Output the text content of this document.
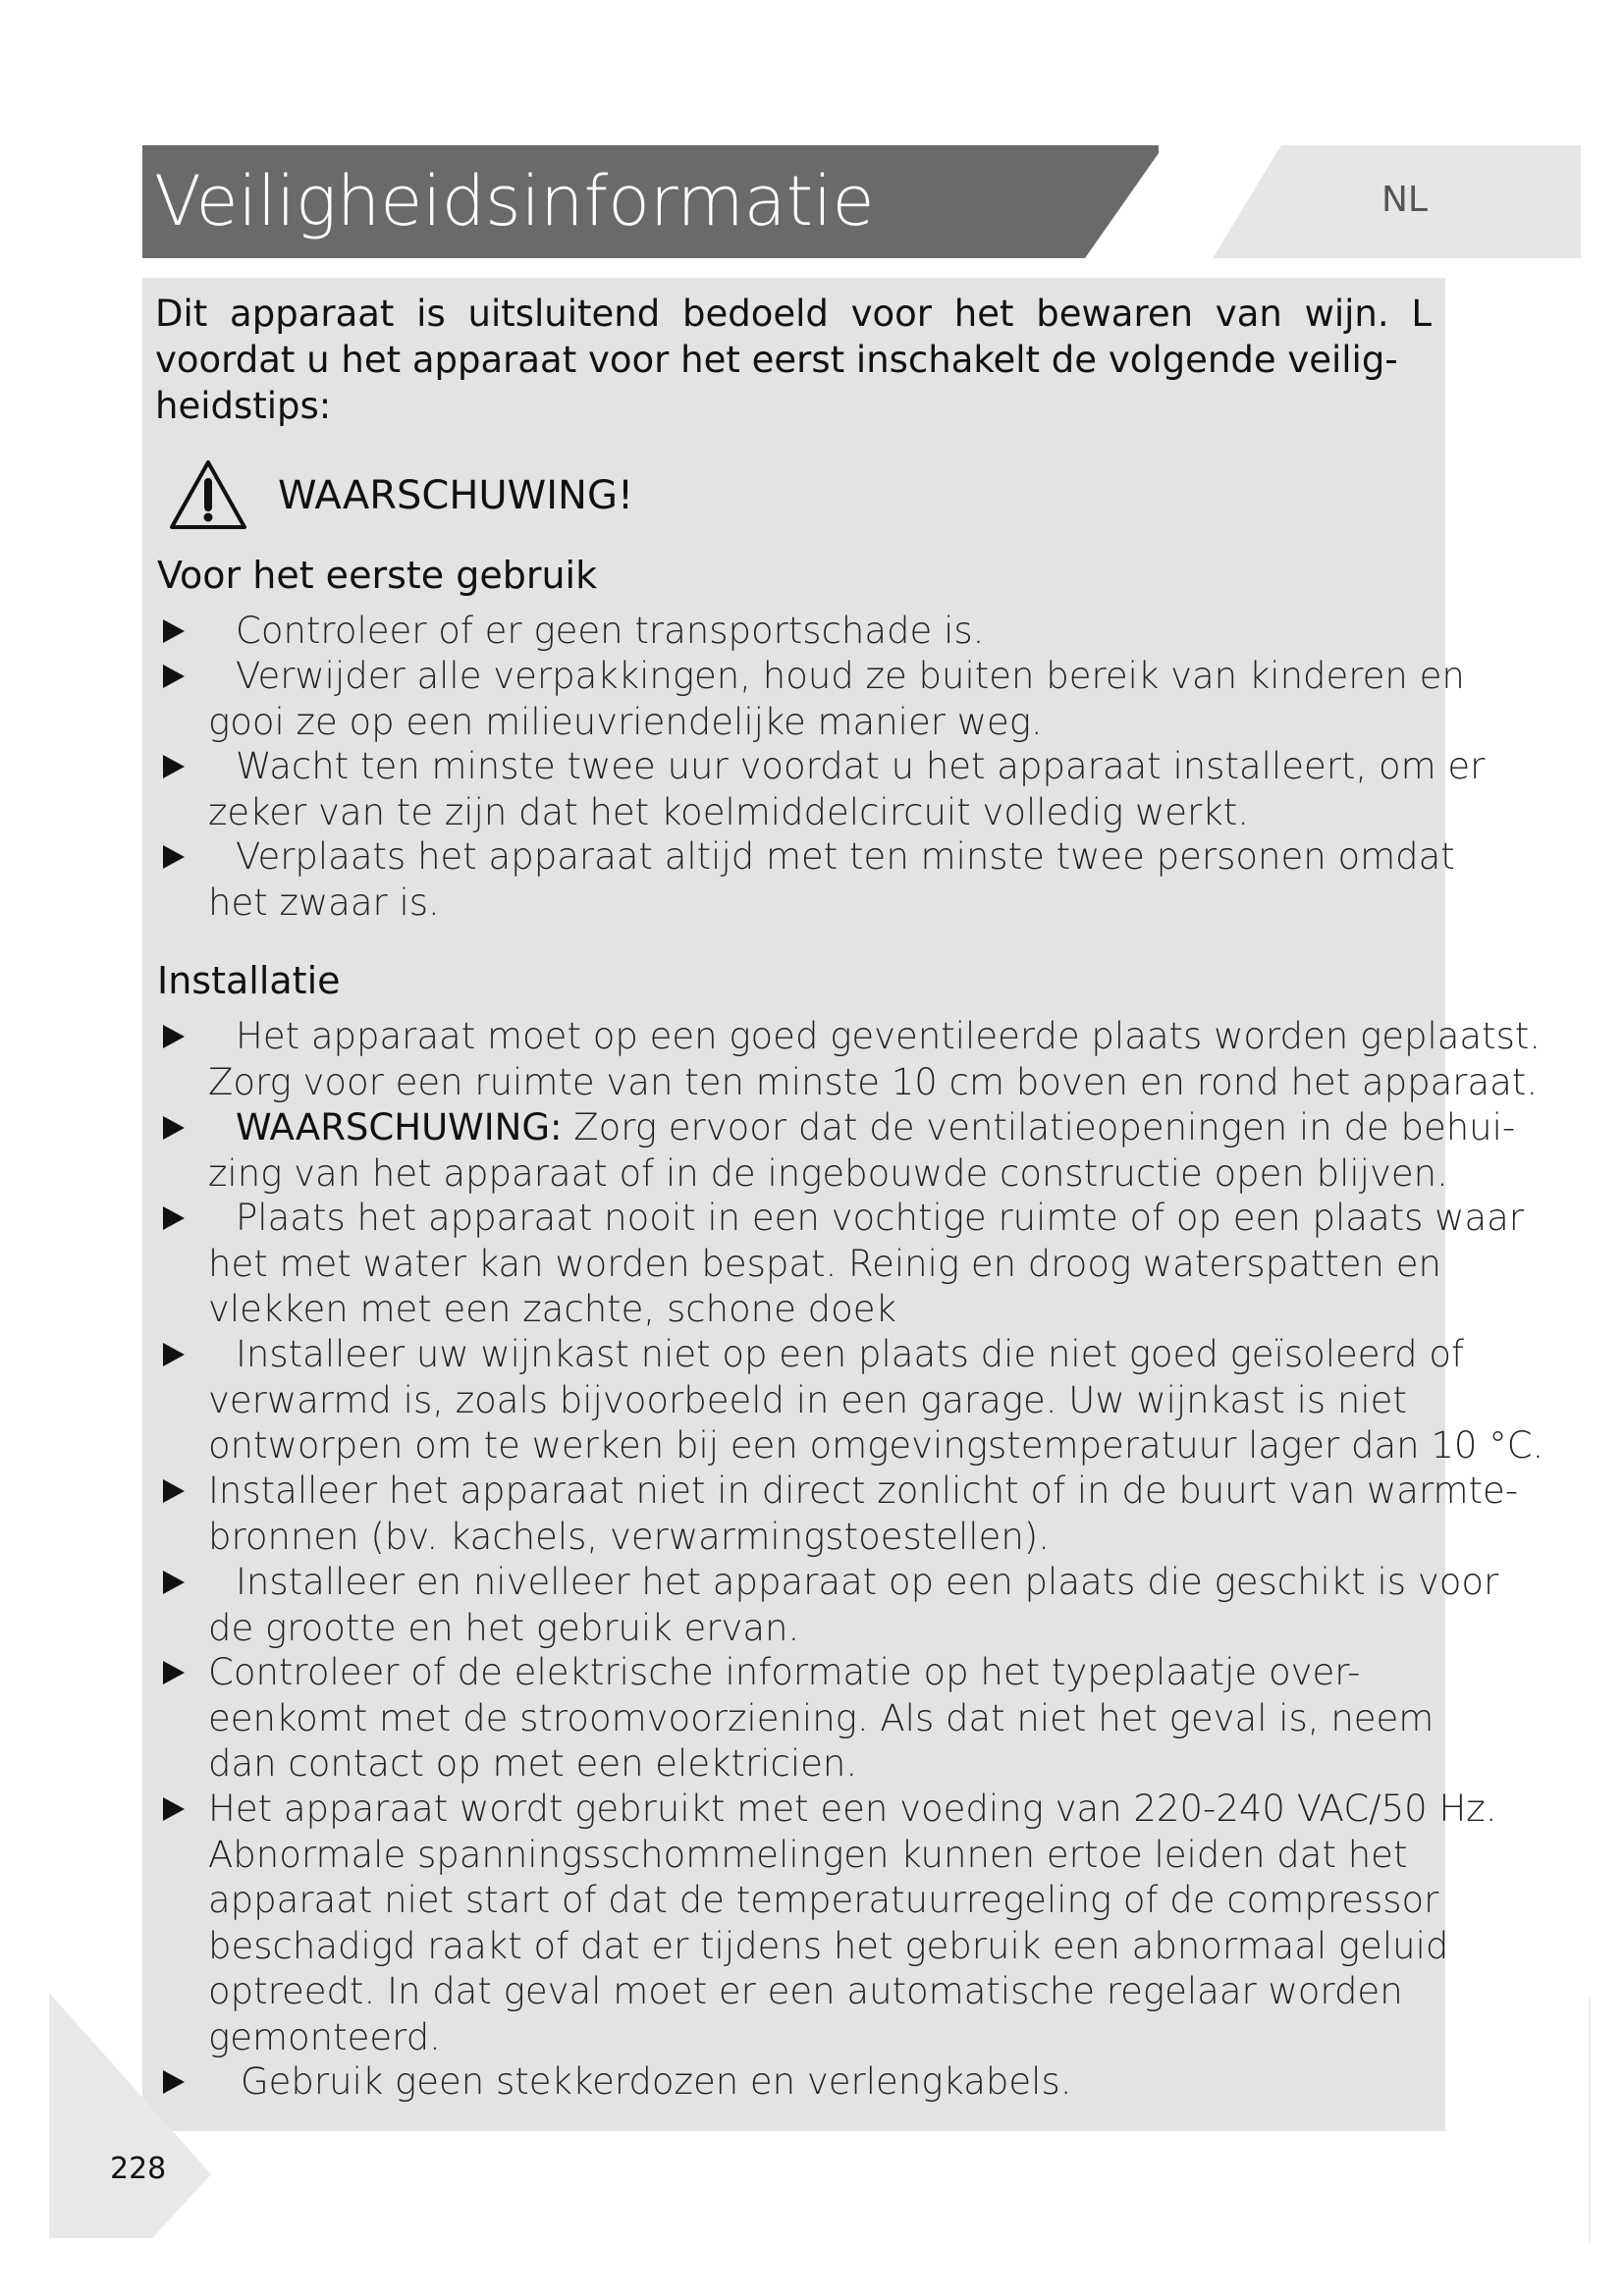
Veiligheidsinformatie	NL
Dit apparaat is uitsluitend bedoeld voor het bewaren van wijn. L
voordat u het apparaat voor het eerst inschakelt de volgende veilig-
heidstips:
WAARSCHUWING!
Voor het eerste gebruik
Controleer of er geen transportschade is.
Verwijder alle verpakkingen, houd ze buiten bereik van kinderen en
gooi ze op een milieuvriendelijke manier weg.
Wacht ten minste twee uur voordat u het apparaat installeert, om er
zeker van te zijn dat het koelmiddelcircuit volledig werkt.
Verplaats het apparaat altijd met ten minste twee personen omdat
het zwaar is.
Installatie
Het apparaat moet op een goed geventileerde plaats worden geplaatst.
Zorg voor een ruimte van ten minste 10 cm boven en rond het apparaat.
WAARSCHUWING: Zorg ervoor dat de ventilatieopeningen in de behui-
zing van het apparaat of in de ingebouwde constructie open blijven.
Plaats het apparaat nooit in een vochtige ruimte of op een plaats waar
het met water kan worden bespat. Reinig en droog waterspatten en
vlekken met een zachte, schone doek
Installeer uw wijnkast niet op een plaats die niet goed geïsoleerd of
verwarmd is, zoals bijvoorbeeld in een garage. Uw wijnkast is niet
ontworpen om te werken bij een omgevingstemperatuur lager dan 10 °C.
Installeer het apparaat niet in direct zonlicht of in de buurt van warmte-
bronnen (bv. kachels, verwarmingstoestellen).
Installeer en nivelleer het apparaat op een plaats die geschikt is voor
de grootte en het gebruik ervan.
Controleer of de elektrische informatie op het typeplaatje over-
eenkomt met de stroomvoorziening. Als dat niet het geval is, neem
dan contact op met een elektricien.
Het apparaat wordt gebruikt met een voeding van 220-240 VAC/50 Hz.
Abnormale spanningsschommelingen kunnen ertoe leiden dat het
apparaat niet start of dat de temperatuurregeling of de compressor
beschadigd raakt of dat er tijdens het gebruik een abnormaal geluid
optreedt. In dat geval moet er een automatische regelaar worden
gemonteerd.
Gebruik geen stekkerdozen en verlengkabels.
228
